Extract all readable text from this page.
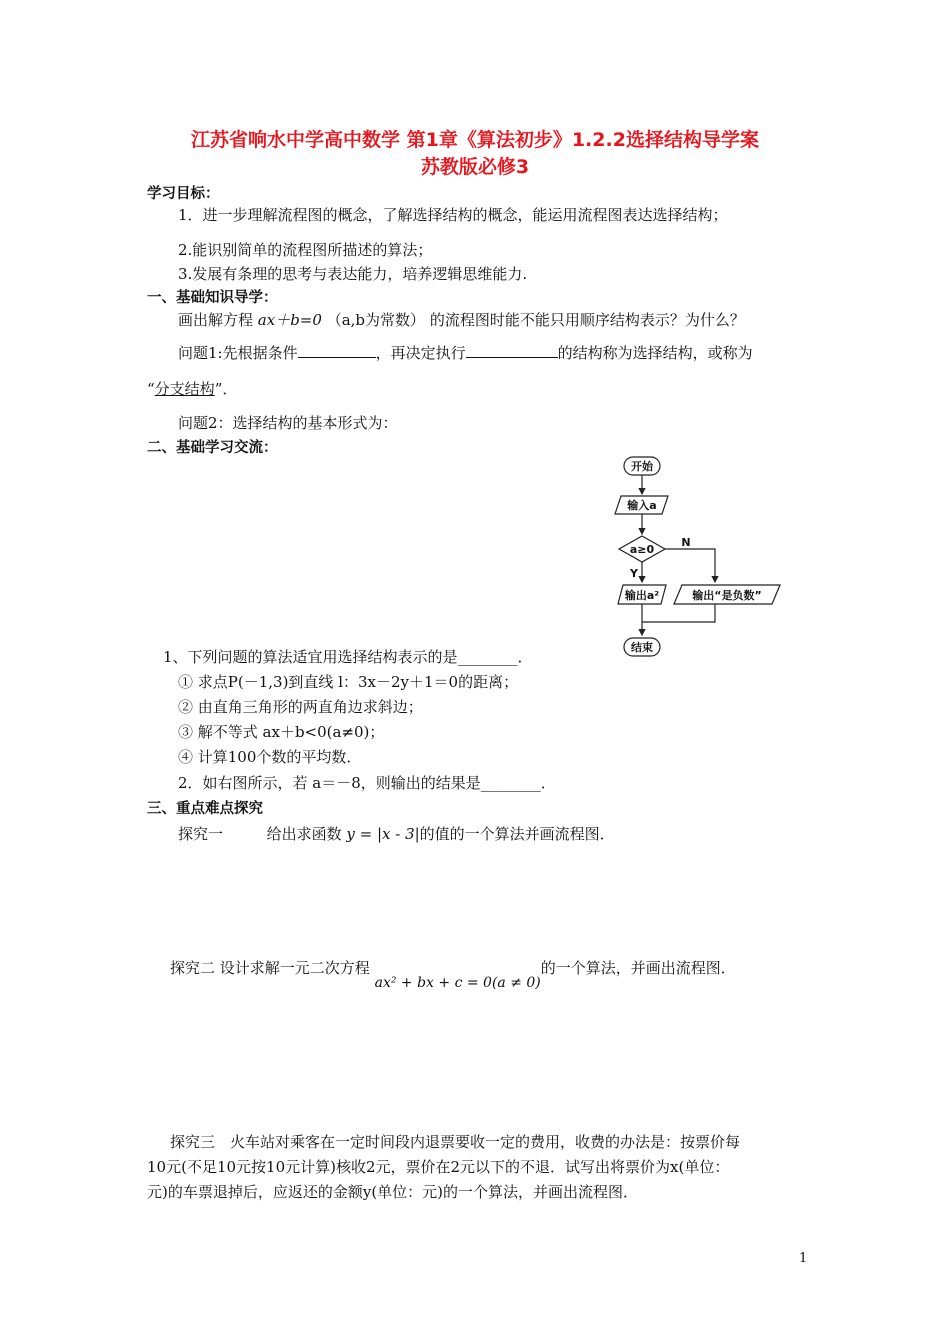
江苏省响水中学高中数学 第1章《算法初步》1.2.2选择结构导学案
苏教版必修3
学习目标：
1．进一步理解流程图的概念，了解选择结构的概念，能运用流程图表达选择结构；
2.能识别简单的流程图所描述的算法；
3.发展有条理的思考与表达能力，培养逻辑思维能力.
一、基础知识导学：
画出解方程 ax＋b=0 （a,b为常数） 的流程图时能不能只用顺序结构表示？为什么？
问题1:先根据条件	，再决定执行	的结构称为选择结构，或称为
“分支结构”．
问题2：选择结构的基本形式为：
二、基础学习交流：
开始
输入a
a≥0
N
Y
输出a²	输出“是负数”
结束
1、下列问题的算法适宜用选择结构表示的是________．
① 求点P(－1,3)到直线 l：3x－2y＋1＝0的距离；
② 由直角三角形的两直角边求斜边；
③ 解不等式 ax＋b<0(a≠0)；
④ 计算100个数的平均数．
2．如右图所示，若 a＝－8，则输出的结果是________．
三、重点难点探究
探究一	给出求函数 y = |x - 3|的值的一个算法并画流程图．
探究二 设计求解一元二次方程 ax² + bx + c = 0(a ≠ 0)的一个算法，并画出流程图．
探究三　火车站对乘客在一定时间段内退票要收一定的费用，收费的办法是：按票价每
10元(不足10元按10元计算)核收2元，票价在2元以下的不退．试写出将票价为x(单位：
元)的车票退掉后，应返还的金额y(单位：元)的一个算法，并画出流程图．
1
